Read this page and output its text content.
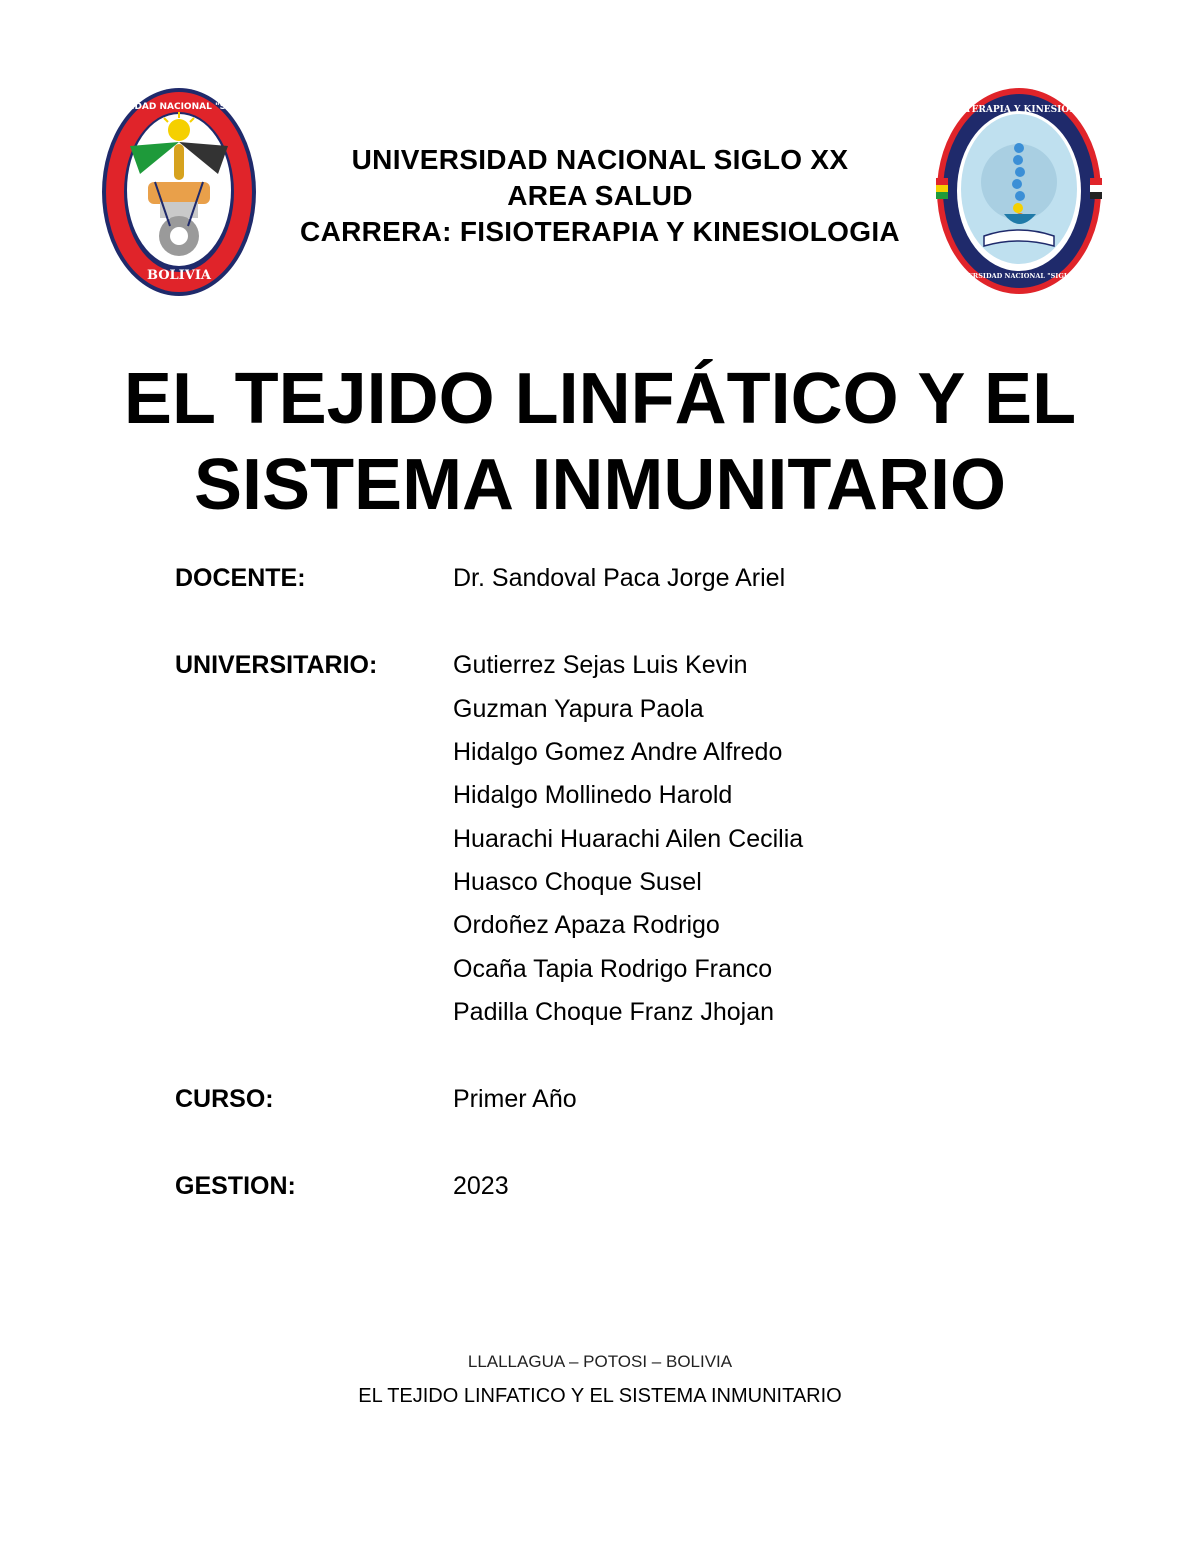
BOLIVIA
UNIVERSIDAD NACIONAL "SIGLO XX"	FISIOTERAPIA Y KINESIOLOGIA
UNIVERSIDAD NACIONAL "SIGLO XX"
UNIVERSIDAD NACIONAL SIGLO XX
AREA SALUD
CARRERA: FISIOTERAPIA Y KINESIOLOGIA
EL TEJIDO LINFÁTICO Y EL
SISTEMA INMUNITARIO
DOCENTE:	Dr. Sandoval Paca Jorge Ariel
UNIVERSITARIO:	Gutierrez Sejas Luis Kevin
Guzman Yapura Paola
Hidalgo Gomez Andre Alfredo
Hidalgo Mollinedo Harold
Huarachi Huarachi Ailen Cecilia
Huasco Choque Susel
Ordoñez Apaza Rodrigo
Ocaña Tapia Rodrigo Franco
Padilla Choque Franz Jhojan
CURSO:	Primer Año
GESTION:	2023
LLALLAGUA – POTOSI – BOLIVIA
EL TEJIDO LINFATICO Y EL SISTEMA INMUNITARIO
